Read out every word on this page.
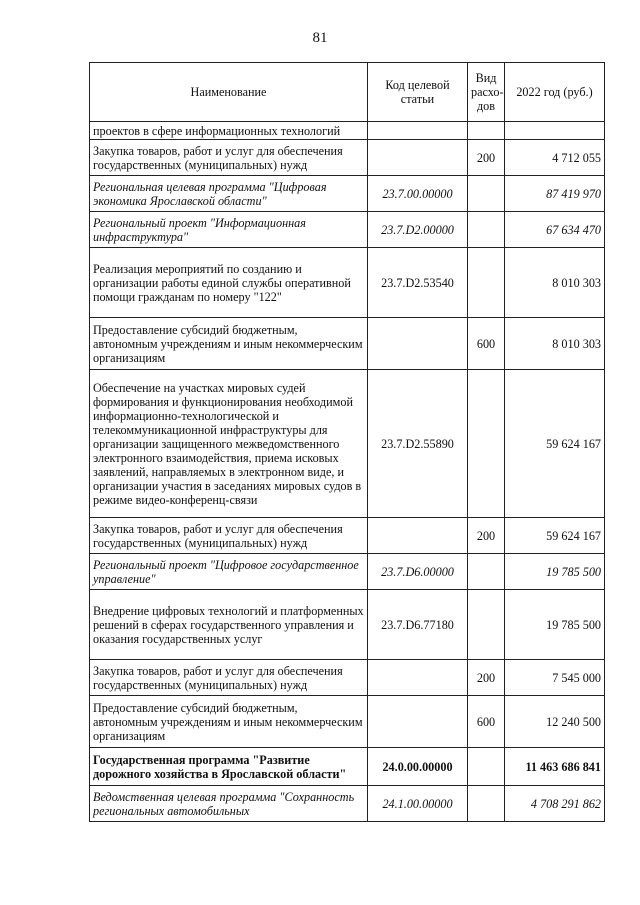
81
Наименование	Код целевой статьи	Вид расхо-дов	2022 год (руб.)
проектов в сфере информационных технологий			
Закупка товаров, работ и услуг для обеспечения государственных (муниципальных) нужд		200	4 712 055
Региональная целевая программа "Цифровая экономика Ярославской области"	23.7.00.00000		87 419 970
Региональный проект "Информационная инфраструктура"	23.7.D2.00000		67 634 470
Реализация мероприятий по созданию и организации работы единой службы оперативной помощи гражданам по номеру "122"	23.7.D2.53540		8 010 303
Предоставление субсидий бюджетным, автономным учреждениям и иным некоммерческим организациям		600	8 010 303
Обеспечение на участках мировых судей формирования и функционирования необходимой информационно-технологической и телекоммуникационной инфраструктуры для организации защищенного межведомственного электронного взаимодействия, приема исковых заявлений, направляемых в электронном виде, и организации участия в заседаниях мировых судов в режиме видео-конференц-связи	23.7.D2.55890		59 624 167
Закупка товаров, работ и услуг для обеспечения государственных (муниципальных) нужд		200	59 624 167
Региональный проект "Цифровое государственное управление"	23.7.D6.00000		19 785 500
Внедрение цифровых технологий и платформенных решений в сферах государственного управления и оказания государственных услуг	23.7.D6.77180		19 785 500
Закупка товаров, работ и услуг для обеспечения государственных (муниципальных) нужд		200	7 545 000
Предоставление субсидий бюджетным, автономным учреждениям и иным некоммерческим организациям		600	12 240 500
Государственная программа "Развитие дорожного хозяйства в Ярославской области"	24.0.00.00000		11 463 686 841
Ведомственная целевая программа "Сохранность региональных автомобильных	24.1.00.00000		4 708 291 862
